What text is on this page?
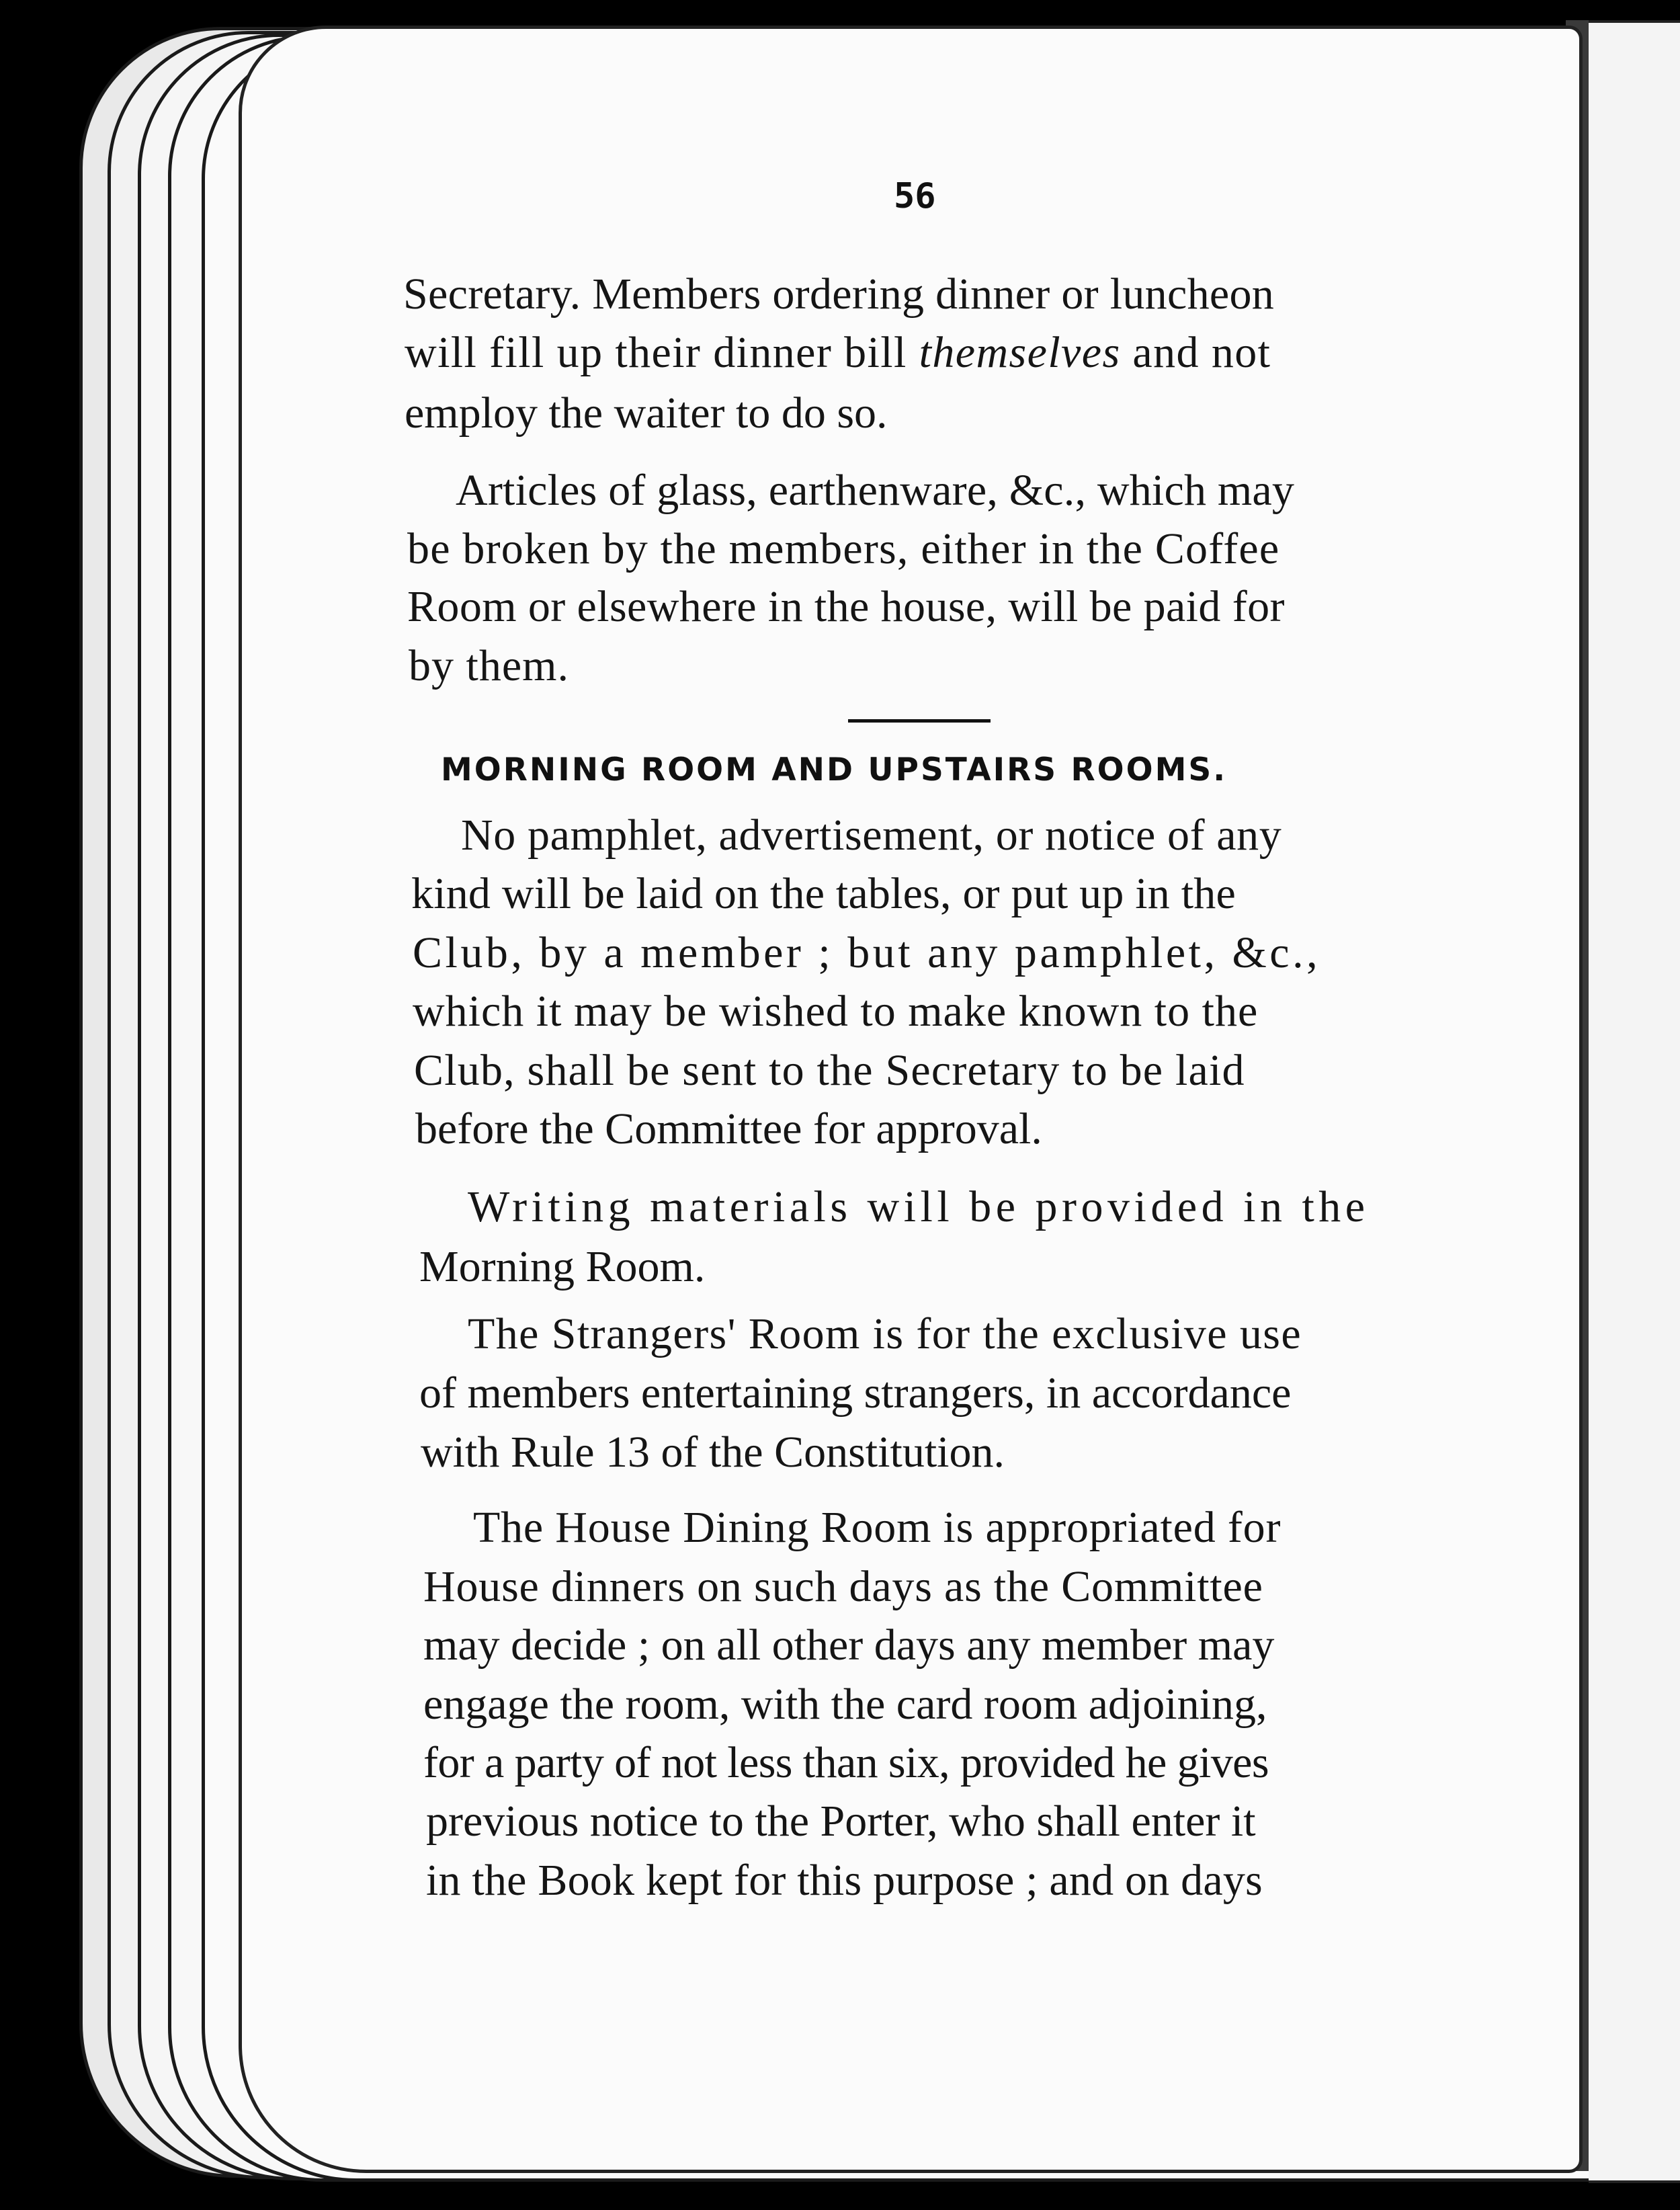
56
Secretary. Members ordering dinner or luncheon
will fill up their dinner bill themselves and not
employ the waiter to do so.
Articles of glass, earthenware, &c., which may
be broken by the members, either in the Coffee
Room or elsewhere in the house, will be paid for
by them.
MORNING ROOM AND UPSTAIRS ROOMS.
No pamphlet, advertisement, or notice of any
kind will be laid on the tables, or put up in the
Club, by a member ; but any pamphlet, &c.,
which it may be wished to make known to the
Club, shall be sent to the Secretary to be laid
before the Committee for approval.
Writing materials will be provided in the
Morning Room.
The Strangers' Room is for the exclusive use
of members entertaining strangers, in accordance
with Rule 13 of the Constitution.
The House Dining Room is appropriated for
House dinners on such days as the Committee
may decide ; on all other days any member may
engage the room, with the card room adjoining,
for a party of not less than six, provided he gives
previous notice to the Porter, who shall enter it
in the Book kept for this purpose ; and on days
